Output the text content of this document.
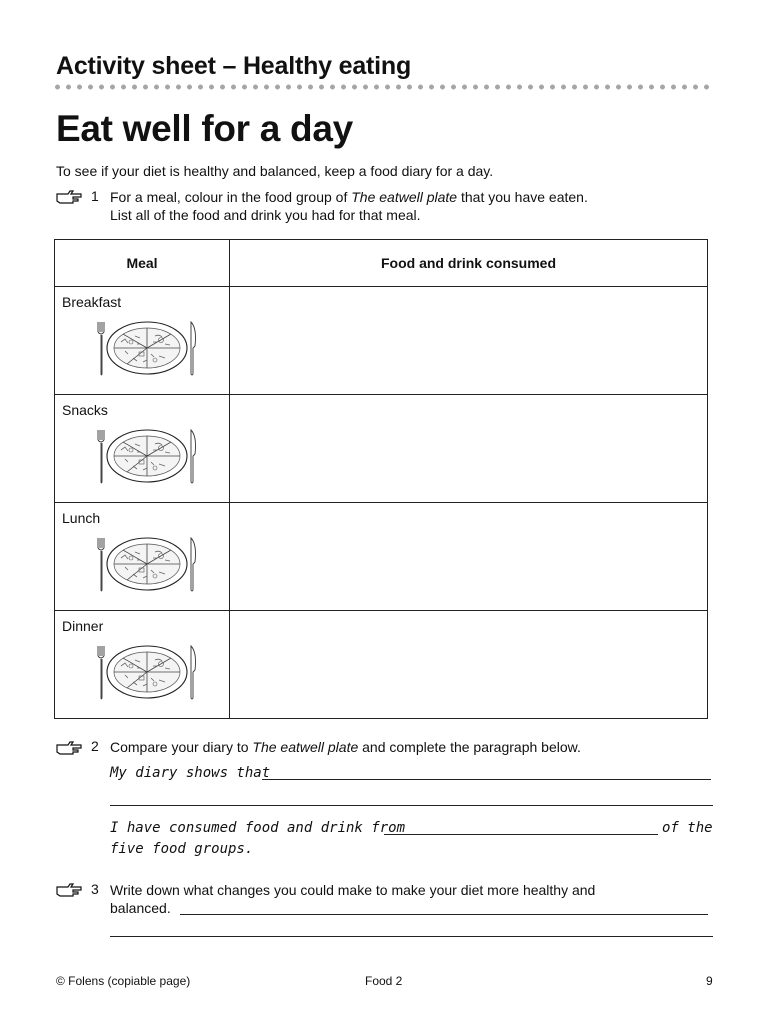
Activity sheet – Healthy eating
Eat well for a day
To see if your diet is healthy and balanced, keep a food diary for a day.
1 For a meal, colour in the food group of The eatwell plate that you have eaten.
List all of the food and drink you had for that meal.
Meal	Food and drink consumed

Breakfast	

Snacks	

Lunch	

Dinner	

2 Compare your diary to The eatwell plate and complete the paragraph below.
My diary shows that
I have consumed food and drink from	of the
five food groups.
3 Write down what changes you could make to make your diet more healthy and
balanced.
© Folens (copiable page)	Food 2	9
